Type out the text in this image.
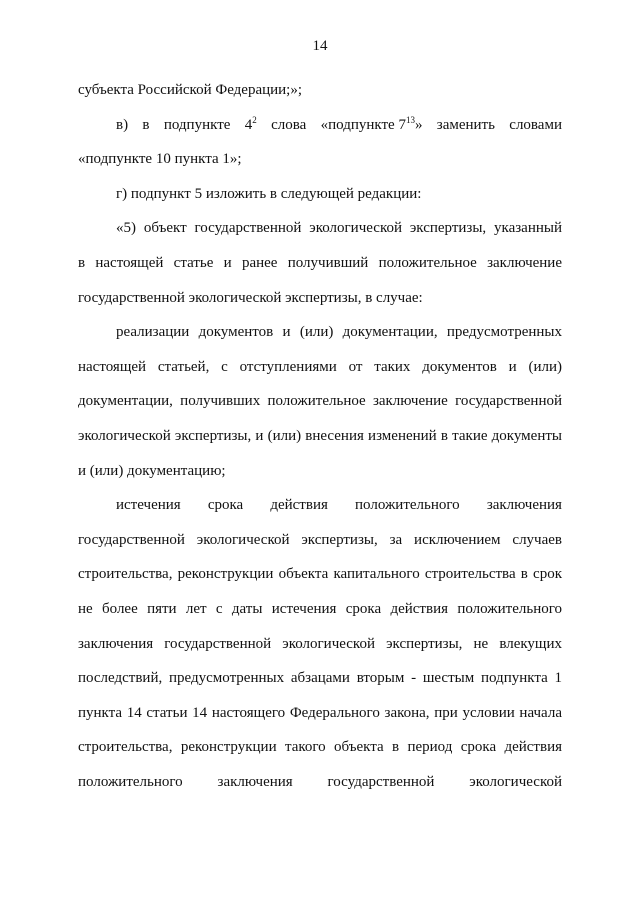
14
субъекта Российской Федерации;»;
в) в подпункте $4^2$ слова «подпункте $7^{13}$» заменить словами
«подпункте 10 пункта 1»;
г) подпункт 5 изложить в следующей редакции:
«5) объект государственной экологической экспертизы, указанный
в настоящей статье и ранее получивший положительное заключение
государственной экологической экспертизы, в случае:
реализации документов и (или) документации, предусмотренных
настоящей статьей, с отступлениями от таких документов и (или)
документации, получивших положительное заключение государственной
экологической экспертизы, и (или) внесения изменений в такие документы
и (или) документацию;
истечения срока действия положительного заключения
государственной экологической экспертизы, за исключением случаев
строительства, реконструкции объекта капитального строительства в срок
не более пяти лет с даты истечения срока действия положительного
заключения государственной экологической экспертизы, не влекущих
последствий, предусмотренных абзацами вторым - шестым подпункта 1
пункта 14 статьи 14 настоящего Федерального закона, при условии начала
строительства, реконструкции такого объекта в период срока действия
положительного заключения государственной экологической
